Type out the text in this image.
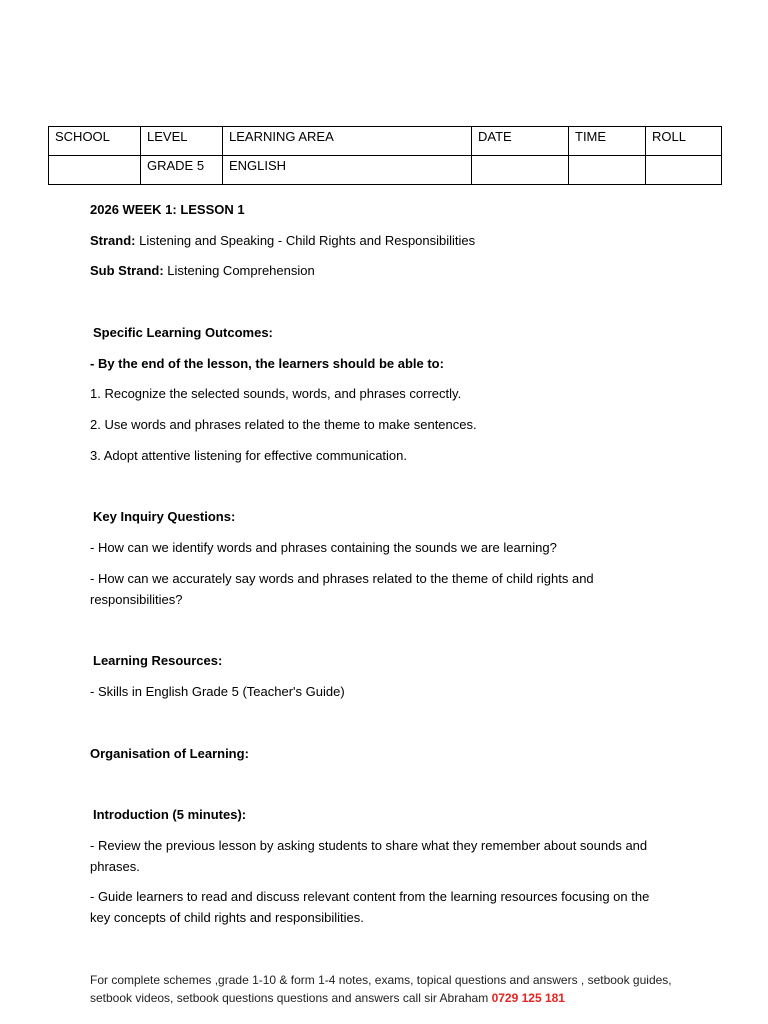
SCHOOL	LEVEL	LEARNING AREA	DATE	TIME	ROLL
	GRADE 5	ENGLISH			
2026 WEEK 1: LESSON 1
Strand: Listening and Speaking - Child Rights and Responsibilities
Sub Strand: Listening Comprehension
Specific Learning Outcomes:
- By the end of the lesson, the learners should be able to:
1. Recognize the selected sounds, words, and phrases correctly.
2. Use words and phrases related to the theme to make sentences.
3. Adopt attentive listening for effective communication.
Key Inquiry Questions:
- How can we identify words and phrases containing the sounds we are learning?
- How can we accurately say words and phrases related to the theme of child rights and responsibilities?
Learning Resources:
- Skills in English Grade 5 (Teacher's Guide)
Organisation of Learning:
Introduction (5 minutes):
- Review the previous lesson by asking students to share what they remember about sounds and phrases.
- Guide learners to read and discuss relevant content from the learning resources focusing on the key concepts of child rights and responsibilities.
For complete schemes ,grade 1-10 & form 1-4 notes, exams, topical questions and answers , setbook guides, setbook videos, setbook questions questions and answers call sir Abraham 0729 125 181
